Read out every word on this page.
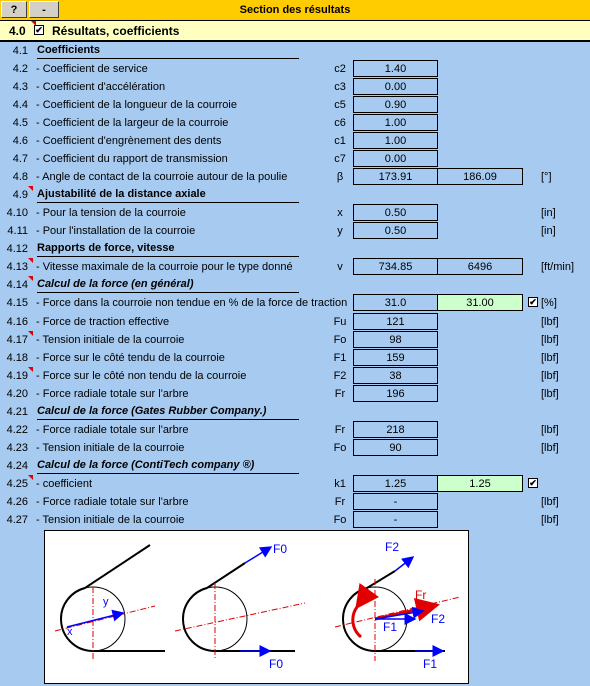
Section des résultats
?	-
4.0 ✔ Résultats, coefficients
4.1 Coefficients
4.2 - Coefficient de service	c2	1.40
4.3 - Coefficient d'accélération	c3	0.00
4.4 - Coefficient de la longueur de la courroie	c5	0.90
4.5 - Coefficient de la largeur de la courroie	c6	1.00
4.6 - Coefficient d'engrènement des dents	c1	1.00
4.7 - Coefficient du rapport de transmission	c7	0.00
4.8 - Angle de contact de la courroie autour de la poulie	β	173.91	186.09	[°]
4.9 Ajustabilité de la distance axiale
4.10 - Pour la tension de la courroie	x	0.50	[in]
4.11 - Pour l'installation de la courroie	y	0.50	[in]
4.12 Rapports de force, vitesse
4.13 - Vitesse maximale de la courroie pour le type donné	v	734.85	6496	[ft/min]
4.14 Calcul de la force (en général)
4.15 - Force dans la courroie non tendue en % de la force de traction	31.0	31.00	✔ [%]
4.16 - Force de traction effective	Fu	121	[lbf]
4.17 - Tension initiale de la courroie	Fo	98	[lbf]
4.18 - Force sur le côté tendu de la courroie	F1	159	[lbf]
4.19 - Force sur le côté non tendu de la courroie	F2	38	[lbf]
4.20 - Force radiale totale sur l'arbre	Fr	196	[lbf]
4.21 Calcul de la force (Gates Rubber Company.)
4.22 - Force radiale totale sur l'arbre	Fr	218	[lbf]
4.23 - Tension initiale de la courroie	Fo	90	[lbf]
4.24 Calcul de la force (ContiTech company ®)
4.25 - coefficient	k1	1.25	1.25	✔
4.26 - Force radiale totale sur l'arbre	Fr	-	[lbf]
4.27 - Tension initiale de la courroie	Fo	-	[lbf]
x
y
F0
F0
F2
Fr
F1
F2
F1
